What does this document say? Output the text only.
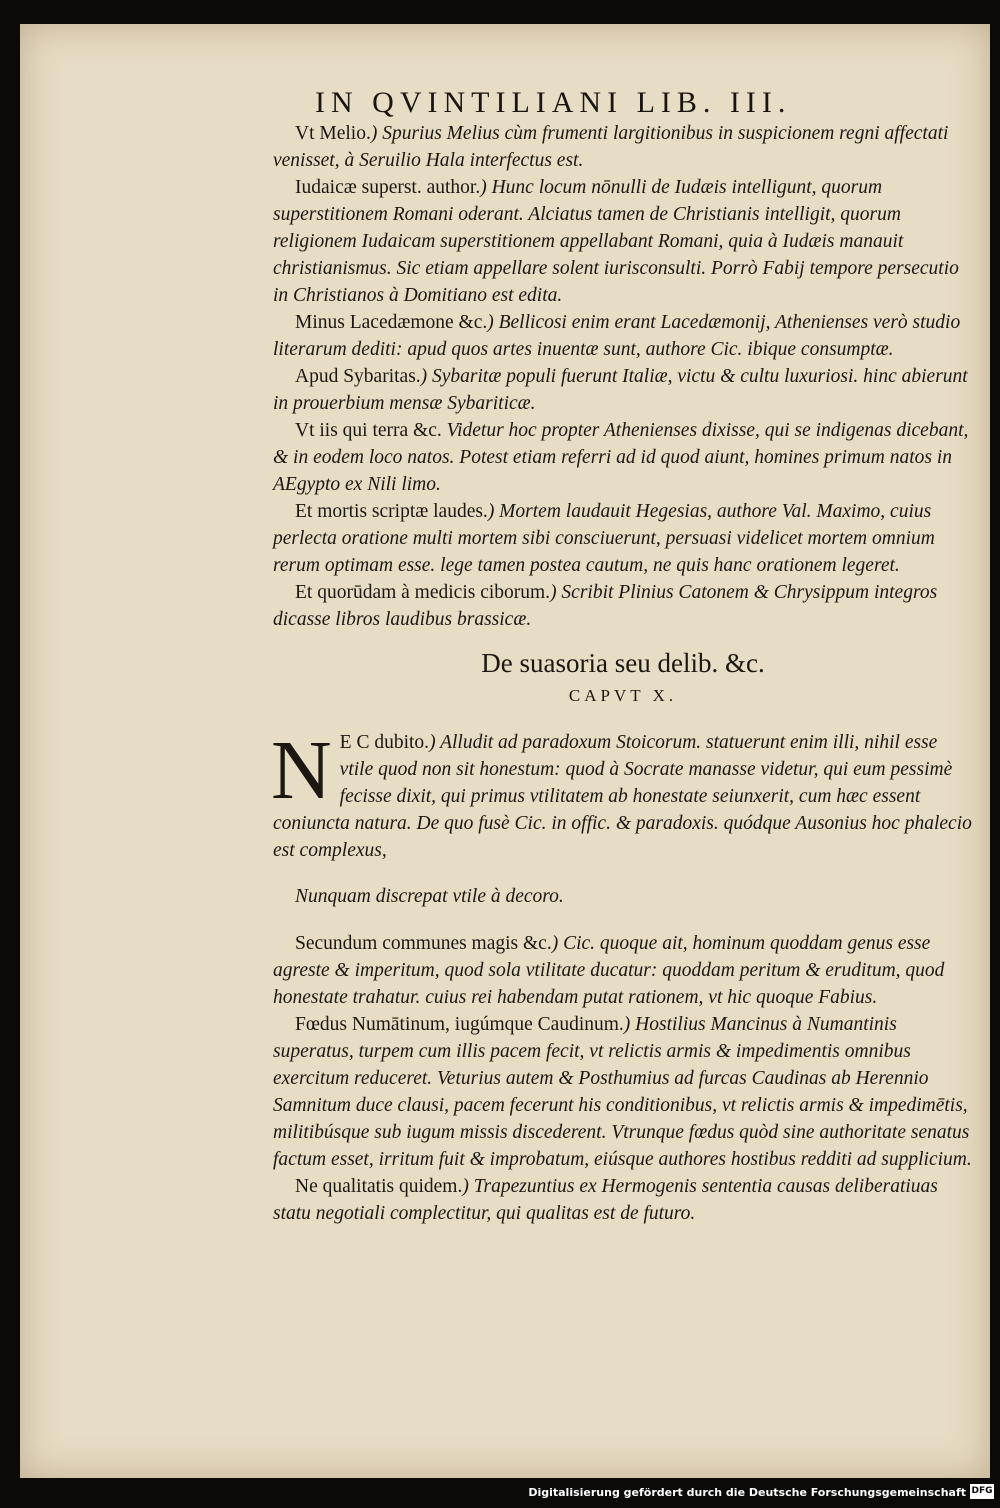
IN QVINTILIANI LIB. III.

Vt Melio.) Spurius Melius cùm frumenti largitionibus in suspicionem regni affectati venisset, à Seruilio Hala interfectus est.

Iudaicæ superst. author.) Hunc locum nōnulli de Iudæis intelligunt, quorum superstitionem Romani oderant. Alciatus tamen de Christianis intelligit, quorum religionem Iudaicam superstitionem appellabant Romani, quia à Iudæis manauit christianismus. Sic etiam appellare solent iurisconsulti. Porrò Fabij tempore persecutio in Christianos à Domitiano est edita.

Minus Lacedæmone &c.) Bellicosi enim erant Lacedæmonij, Athenienses verò studio literarum dediti: apud quos artes inuentæ sunt, authore Cic. ibique consumptæ.

Apud Sybaritas.) Sybaritæ populi fuerunt Italiæ, victu & cultu luxuriosi. hinc abierunt in prouerbium mensæ Sybariticæ.

Vt iis qui terra &c. Videtur hoc propter Athenienses dixisse, qui se indigenas dicebant, & in eodem loco natos. Potest etiam referri ad id quod aiunt, homines primum natos in AEgypto ex Nili limo.

Et mortis scriptæ laudes.) Mortem laudauit Hegesias, authore Val. Maximo, cuius perlecta oratione multi mortem sibi consciuerunt, persuasi videlicet mortem omnium rerum optimam esse. lege tamen postea cautum, ne quis hanc orationem legeret.

Et quorūdam à medicis ciborum.) Scribit Plinius Catonem & Chrysippum integros dicasse libros laudibus brassicæ.

De suasoria seu delib. &c.
CAPVT X.

N E C dubito.) Alludit ad paradoxum Stoicorum. statuerunt enim illi, nihil esse vtile quod non sit honestum: quod à Socrate manasse videtur, qui eum pessimè fecisse dixit, qui primus vtilitatem ab honestate seiunxerit, cum hæc essent coniuncta natura. De quo fusè Cic. in offic. & paradoxis. quódque Ausonius hoc phalecio est complexus,

Nunquam discrepat vtile à decoro.

Secundum communes magis &c.) Cic. quoque ait, hominum quoddam genus esse agreste & imperitum, quod sola vtilitate ducatur: quoddam peritum & eruditum, quod honestate trahatur. cuius rei habendam putat rationem, vt hic quoque Fabius.

Fœdus Numātinum, iugúmque Caudinum.) Hostilius Mancinus à Numantinis superatus, turpem cum illis pacem fecit, vt relictis armis & impedimentis omnibus exercitum reduceret. Veturius autem & Posthumius ad furcas Caudinas ab Herennio Samnitum duce clausi, pacem fecerunt his conditionibus, vt relictis armis & impedimētis, militibúsque sub iugum missis discederent. Vtrunque fœdus quòd sine authoritate senatus factum esset, irritum fuit & improbatum, eiúsque authores hostibus redditi ad supplicium.

Ne qualitatis quidem.) Trapezuntius ex Hermogenis sententia causas deliberatiuas statu negotiali complectitur, qui qualitas est de futuro.

Digitalisierung gefördert durch die Deutsche Forschungsgemeinschaft DFG
